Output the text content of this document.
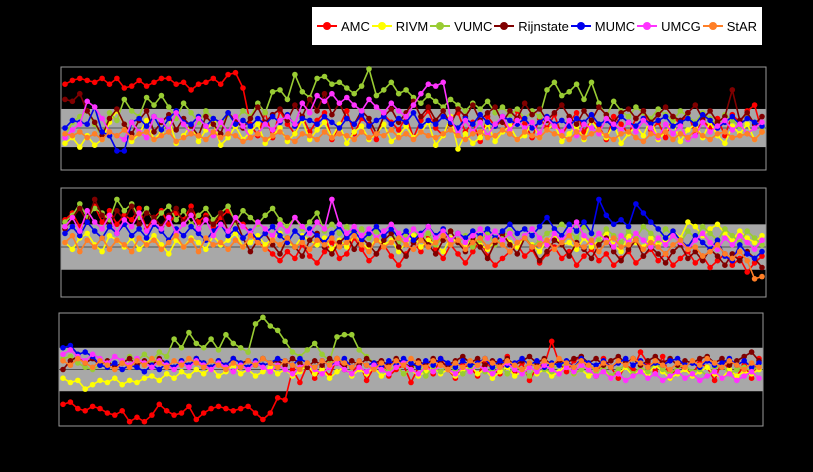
AMC RIVM VUMC Rijnstate MUMC UMCG StAR
